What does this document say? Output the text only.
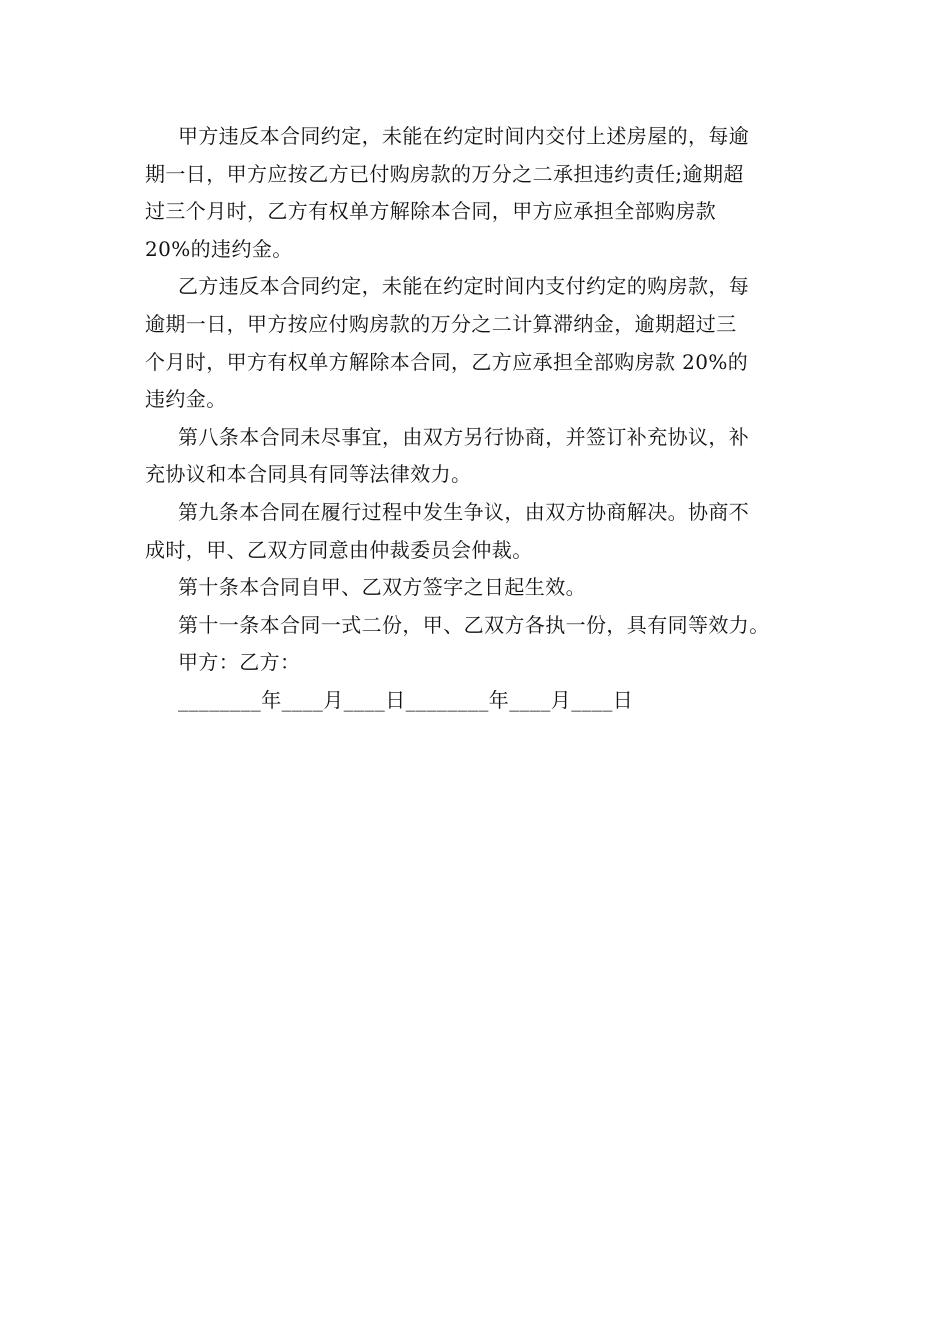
甲方违反本合同约定，未能在约定时间内交付上述房屋的，每逾
期一日，甲方应按乙方已付购房款的万分之二承担违约责任;逾期超
过三个月时，乙方有权单方解除本合同，甲方应承担全部购房款
20%的违约金。
乙方违反本合同约定，未能在约定时间内支付约定的购房款，每
逾期一日，甲方按应付购房款的万分之二计算滞纳金，逾期超过三
个月时，甲方有权单方解除本合同，乙方应承担全部购房款 20%的
违约金。
第八条本合同未尽事宜，由双方另行协商，并签订补充协议，补
充协议和本合同具有同等法律效力。
第九条本合同在履行过程中发生争议，由双方协商解决。协商不
成时，甲、乙双方同意由仲裁委员会仲裁。
第十条本合同自甲、乙双方签字之日起生效。
第十一条本合同一式二份，甲、乙双方各执一份，具有同等效力。
甲方：乙方：
________年____月____日________年____月____日
